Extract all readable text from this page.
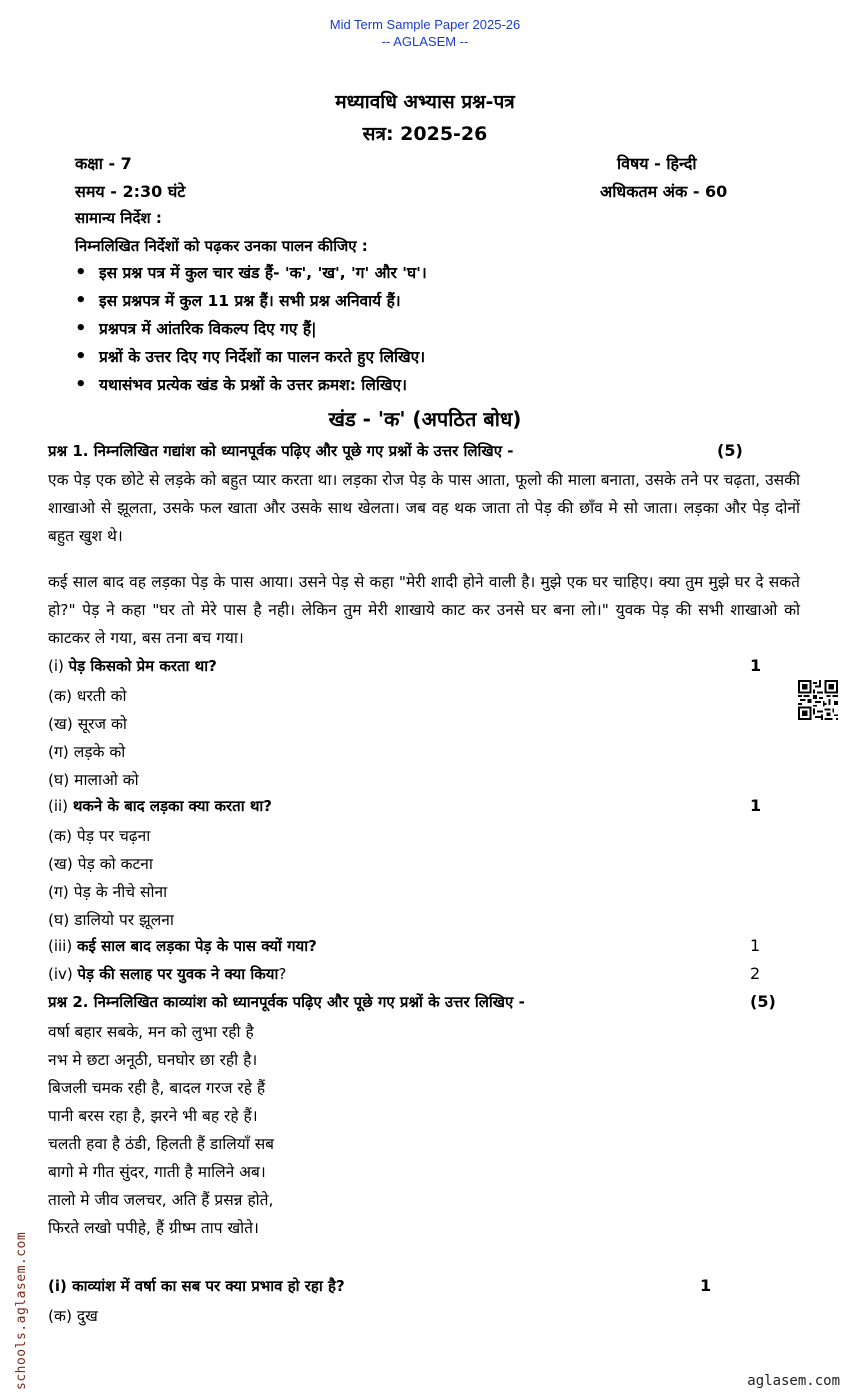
Mid Term Sample Paper 2025-26
-- AGLASEM --
मध्यावधि अभ्यास प्रश्न-पत्र
सत्र: 2025-26
कक्षा - 7	विषय - हिन्दी
समय - 2:30 घंटे	अधिकतम अंक - 60
सामान्य निर्देश :
निम्नलिखित निर्देशों को पढ़कर उनका पालन कीजिए :
• इस प्रश्न पत्र में कुल चार खंड हैं- 'क', 'ख', 'ग' और 'घ'।
• इस प्रश्नपत्र में कुल 11 प्रश्न हैं। सभी प्रश्न अनिवार्य हैं।
• प्रश्नपत्र में आंतरिक विकल्प दिए गए हैं|
• प्रश्नों के उत्तर दिए गए निर्देशों का पालन करते हुए लिखिए।
• यथासंभव प्रत्येक खंड के प्रश्नों के उत्तर क्रमश: लिखिए।
खंड - 'क' (अपठित बोध)
प्रश्न 1. निम्नलिखित गद्यांश को ध्यानपूर्वक पढ़िए और पूछे गए प्रश्नों के उत्तर लिखिए -	(5)
एक पेड़ एक छोटे से लड़के को बहुत प्यार करता था। लड़का रोज पेड़ के पास आता, फूलो की माला बनाता, उसके तने पर चढ़ता, उसकी शाखाओ से झूलता, उसके फल खाता और उसके साथ खेलता। जब वह थक जाता तो पेड़ की छाँव मे सो जाता। लड़का और पेड़ दोनों बहुत खुश थे।
कई साल बाद वह लड़का पेड़ के पास आया। उसने पेड़ से कहा "मेरी शादी होने वाली है। मुझे एक घर चाहिए। क्या तुम मुझे घर दे सकते हो?" पेड़ ने कहा "घर तो मेरे पास है नही। लेकिन तुम मेरी शाखाये काट कर उनसे घर बना लो।" युवक पेड़ की सभी शाखाओ को काटकर ले गया, बस तना बच गया।
(i) पेड़ किसको प्रेम करता था?	1
(क) धरती को
(ख) सूरज को
(ग) लड़के को
(घ) मालाओ को
(ii) थकने के बाद लड़का क्या करता था?	1
(क) पेड़ पर चढ़ना
(ख) पेड़ को कटना
(ग) पेड़ के नीचे सोना
(घ) डालियो पर झूलना
(iii) कई साल बाद लड़का पेड़ के पास क्यों गया?	1
(iv) पेड़ की सलाह पर युवक ने क्या किया?	2
प्रश्न 2. निम्नलिखित काव्यांश को ध्यानपूर्वक पढ़िए और पूछे गए प्रश्नों के उत्तर लिखिए -	(5)
वर्षा बहार सबके, मन को लुभा रही है
नभ मे छटा अनूठी, घनघोर छा रही है।
बिजली चमक रही है, बादल गरज रहे हैं
पानी बरस रहा है, झरने भी बह रहे हैं।
चलती हवा है ठंडी, हिलती हैं डालियाँ सब
बागो मे गीत सुंदर, गाती है मालिने अब।
तालो मे जीव जलचर, अति हैं प्रसन्न होते,
फिरते लखो पपीहे, हैं ग्रीष्म ताप खोते।
(i) काव्यांश में वर्षा का सब पर क्या प्रभाव हो रहा है?	1
(क) दुख
schools.aglasem.com	aglasem.com
